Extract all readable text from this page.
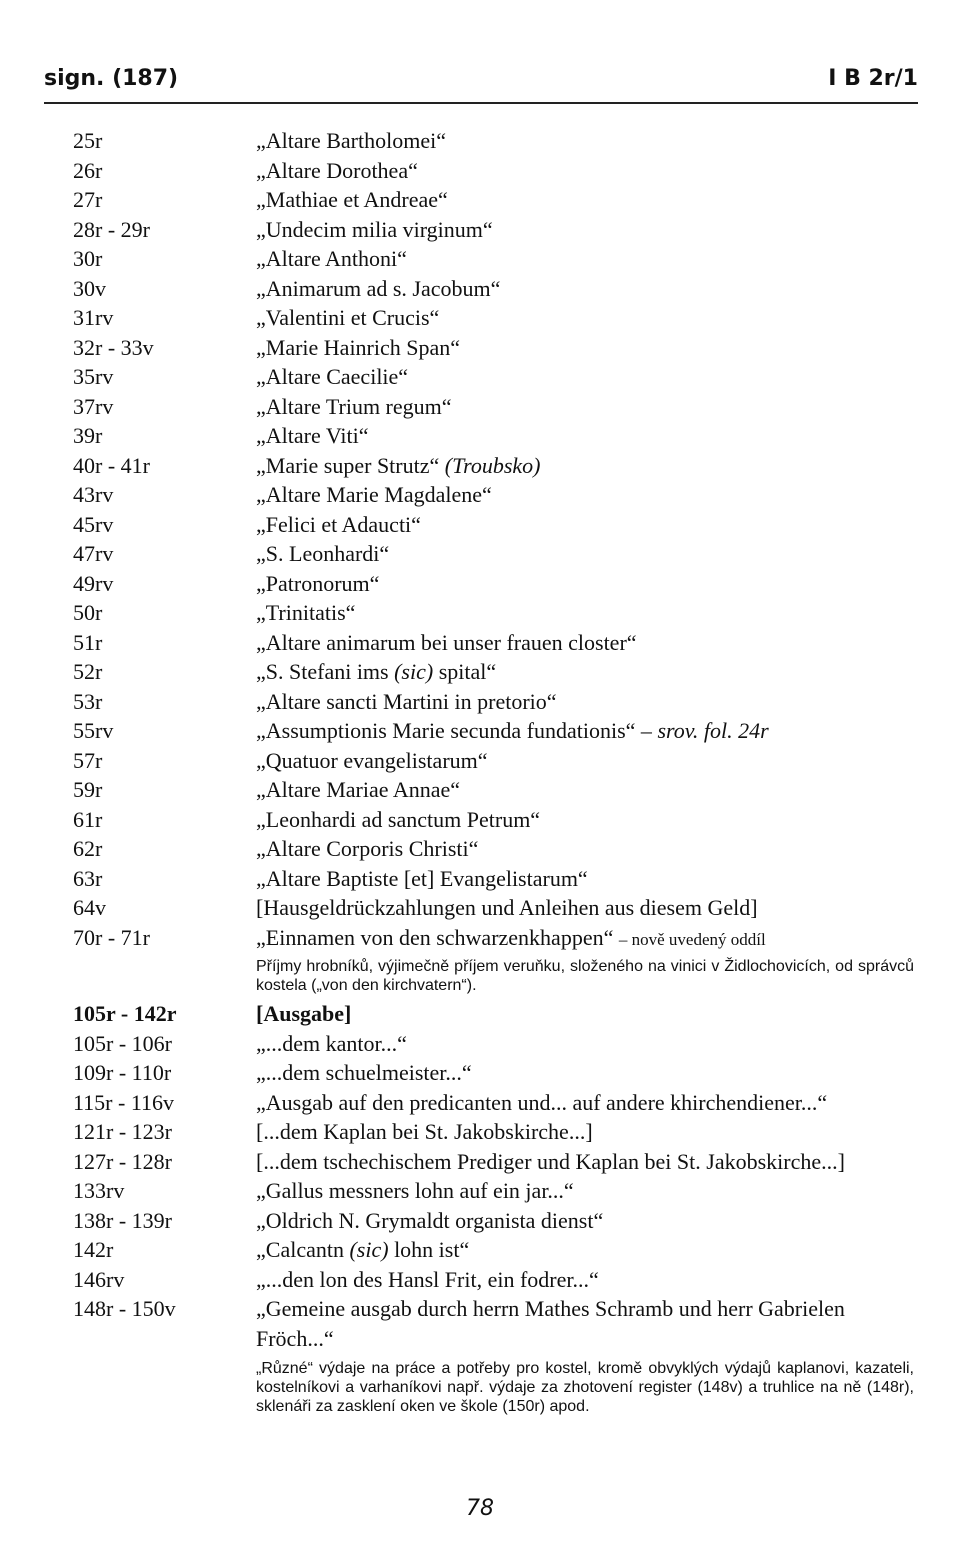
sign. (187)	I B 2r/1
25r	„Altare Bartholomei“
26r	„Altare Dorothea“
27r	„Mathiae et Andreae“
28r - 29r	„Undecim milia virginum“
30r	„Altare Anthoni“
30v	„Animarum ad s. Jacobum“
31rv	„Valentini et Crucis“
32r - 33v	„Marie Hainrich Span“
35rv	„Altare Caecilie“
37rv	„Altare Trium regum“
39r	„Altare Viti“
40r - 41r	„Marie super Strutz“ (Troubsko)
43rv	„Altare Marie Magdalene“
45rv	„Felici et Adaucti“
47rv	„S. Leonhardi“
49rv	„Patronorum“
50r	„Trinitatis“
51r	„Altare animarum bei unser frauen closter“
52r	„S. Stefani ims (sic) spital“
53r	„Altare sancti Martini in pretorio“
55rv	„Assumptionis Marie secunda fundationis“ – srov. fol. 24r
57r	„Quatuor evangelistarum“
59r	„Altare Mariae Annae“
61r	„Leonhardi ad sanctum Petrum“
62r	„Altare Corporis Christi“
63r	„Altare Baptiste [et] Evangelistarum“
64v	[Hausgeldrückzahlungen und Anleihen aus diesem Geld]
70r - 71r	„Einnamen von den schwarzenkhappen“ – nově uvedený oddíl
Příjmy hrobníků, výjimečně příjem veruňku, složeného na vinici v Židlochovicích, od správců kostela („von den kirchvatern“).
105r - 142r	[Ausgabe]
105r - 106r	„...dem kantor...“
109r - 110r	„...dem schuelmeister...“
115r - 116v	„Ausgab auf den predicanten und... auf andere khirchendiener...“
121r - 123r	[...dem Kaplan bei St. Jakobskirche...]
127r - 128r	[...dem tschechischem Prediger und Kaplan bei St. Jakobskirche...]
133rv	„Gallus messners lohn auf ein jar...“
138r - 139r	„Oldrich N. Grymaldt organista dienst“
142r	„Calcantn (sic) lohn ist“
146rv	„...den lon des Hansl Frit, ein fodrer...“
148r - 150v	„Gemeine ausgab durch herrn Mathes Schramb und herr Gabrielen Fröch...“
„Různé“ výdaje na práce a potřeby pro kostel, kromě obvyklých výdajů kaplanovi, kazateli, kostelníkovi a varhaníkovi např. výdaje za zhotovení register (148v) a truhlice na ně (148r), sklenáři za zasklení oken ve škole (150r) apod.
78
